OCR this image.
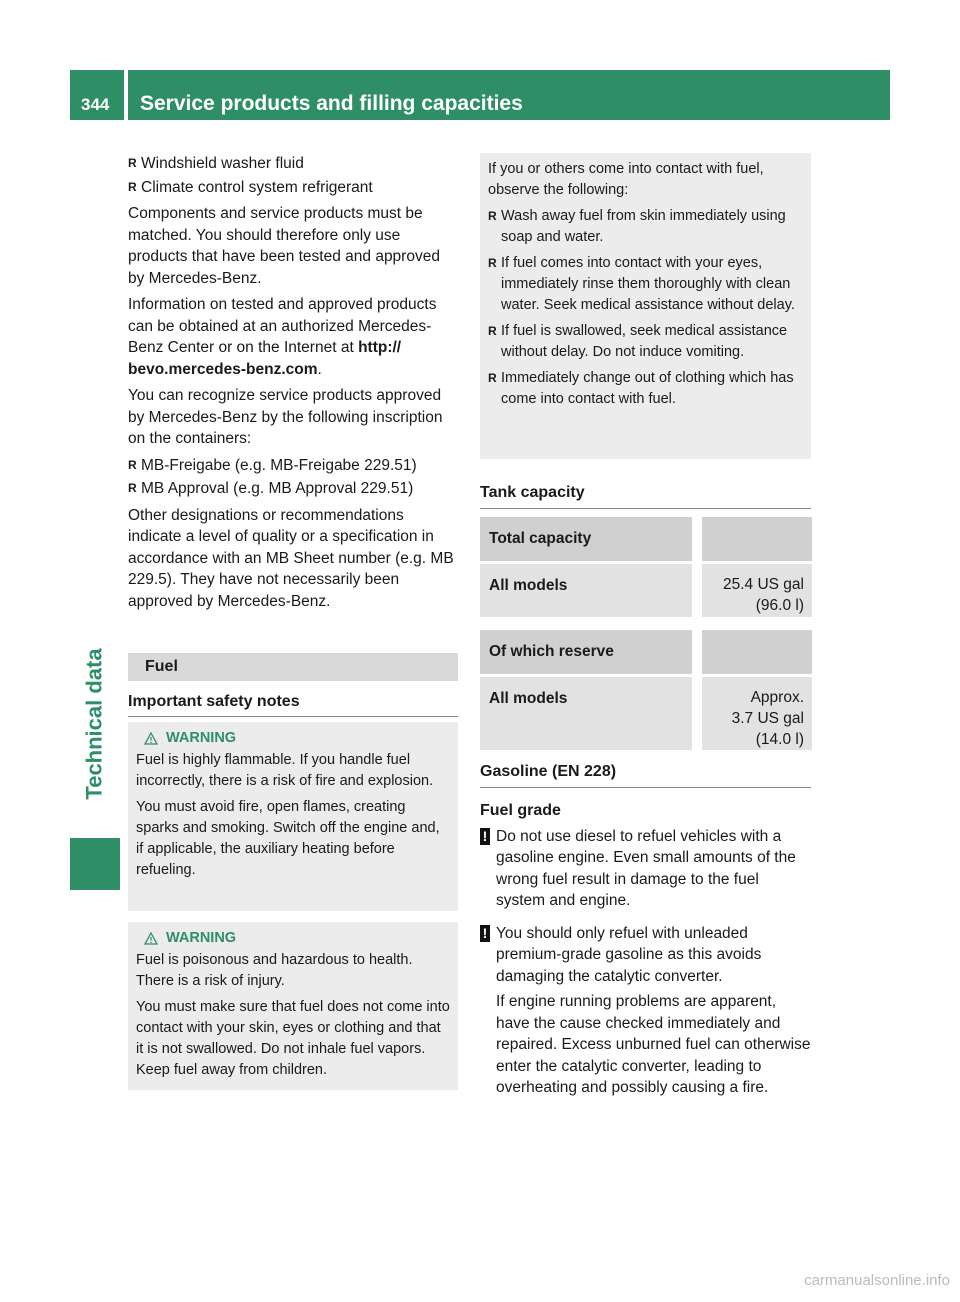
344 Service products and filling capacities
Technical data

R Windshield washer fluid

R Climate control system refrigerant

Components and service products must be matched. You should therefore only use products that have been tested and approved by Mercedes-Benz.

Information on tested and approved products can be obtained at an authorized Mercedes-Benz Center or on the Internet at http:// bevo.mercedes-benz.com.

You can recognize service products approved by Mercedes-Benz by the following inscription on the containers:

R MB-Freigabe (e.g. MB-Freigabe 229.51)

R MB Approval (e.g. MB Approval 229.51)

Other designations or recommendations indicate a level of quality or a specification in accordance with an MB Sheet number (e.g. MB 229.5). They have not necessarily been approved by Mercedes-Benz.

Fuel
Important safety notes
WARNING

Fuel is highly flammable. If you handle fuel incorrectly, there is a risk of fire and explosion.

You must avoid fire, open flames, creating sparks and smoking. Switch off the engine and, if applicable, the auxiliary heating before refueling.

WARNING

Fuel is poisonous and hazardous to health. There is a risk of injury.

You must make sure that fuel does not come into contact with your skin, eyes or clothing and that it is not swallowed. Do not inhale fuel vapors. Keep fuel away from children.

If you or others come into contact with fuel, observe the following:

R Wash away fuel from skin immediately using soap and water.

R If fuel comes into contact with your eyes, immediately rinse them thoroughly with clean water. Seek medical assistance without delay.

R If fuel is swallowed, seek medical assistance without delay. Do not induce vomiting.

R Immediately change out of clothing which has come into contact with fuel.

Tank capacity
Total capacity
All models	25.4 US gal
(96.0 l)
Of which reserve
All models	Approx.
3.7 US gal
(14.0 l)
Gasoline (EN 228)

Fuel grade

! Do not use diesel to refuel vehicles with a gasoline engine. Even small amounts of the wrong fuel result in damage to the fuel system and engine.
! You should only refuel with unleaded premium-grade gasoline as this avoids damaging the catalytic converter.

If engine running problems are apparent, have the cause checked immediately and repaired. Excess unburned fuel can otherwise enter the catalytic converter, leading to overheating and possibly causing a fire.

carmanualsonline.info
